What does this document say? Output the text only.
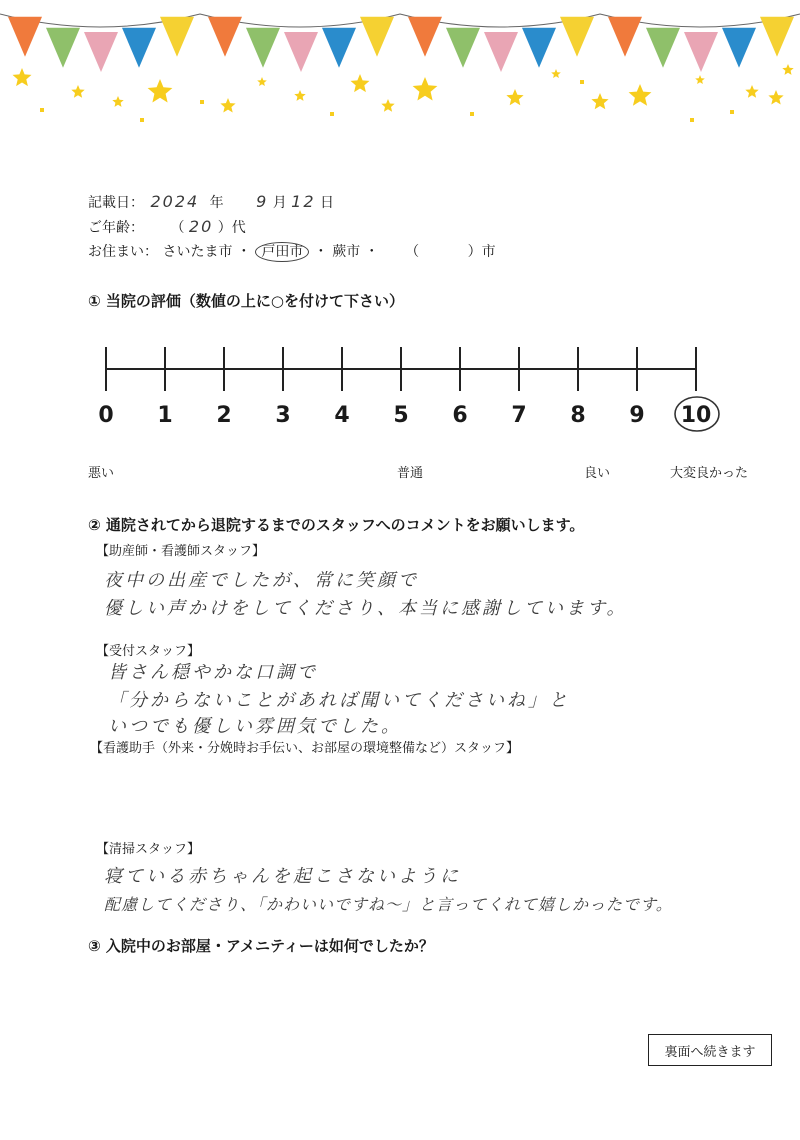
記載日： 2024 年 9 月 12 日
ご年齢： （ 20 ）代
お住まい： さいたま市 ・ 戸田市 ・ 蕨市 ・ （	）市
① 当院の評価（数値の上に○を付けて下さい）
0 1 2 3 4 5 6 7 8 9 10
悪い	普通	良い	大変良かった
② 通院されてから退院するまでのスタッフへのコメントをお願いします。
【助産師・看護師スタッフ】
夜中の出産でしたが、常に笑顔で
優しい声かけをしてくださり、本当に感謝しています。
【受付スタッフ】
皆さん穏やかな口調で
「分からないことがあれば聞いてくださいね」と
いつでも優しい雰囲気でした。
【看護助手（外来・分娩時お手伝い、お部屋の環境整備など）スタッフ】
【清掃スタッフ】
寝ている赤ちゃんを起こさないように
配慮してくださり、「かわいいですね～」と言ってくれて嬉しかったです。
③ 入院中のお部屋・アメニティーは如何でしたか？
裏面へ続きます
